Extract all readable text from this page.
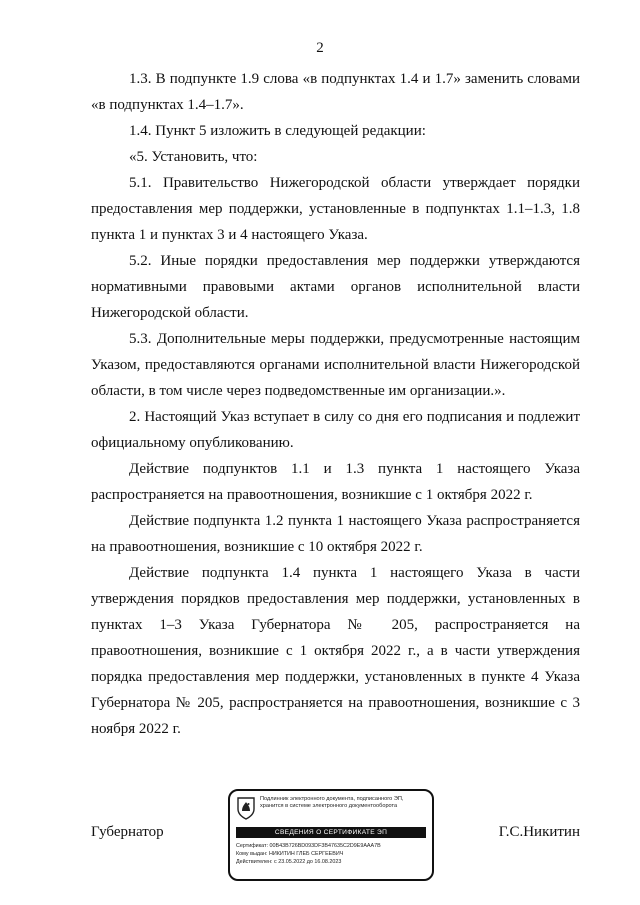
2

1.3. В подпункте 1.9 слова «в подпунктах 1.4 и 1.7» заменить словами «в подпунктах 1.4–1.7».

1.4. Пункт 5 изложить в следующей редакции:

«5. Установить, что:

5.1. Правительство Нижегородской области утверждает порядки предоставления мер поддержки, установленные в подпунктах 1.1–1.3, 1.8 пункта 1 и пунктах 3 и 4 настоящего Указа.

5.2. Иные порядки предоставления мер поддержки утверждаются нормативными правовыми актами органов исполнительной власти Нижегородской области.

5.3. Дополнительные меры поддержки, предусмотренные настоящим Указом, предоставляются органами исполнительной власти Нижегородской области, в том числе через подведомственные им организации.».

2. Настоящий Указ вступает в силу со дня его подписания и подлежит официальному опубликованию.

Действие подпунктов 1.1 и 1.3 пункта 1 настоящего Указа распространяется на правоотношения, возникшие с 1 октября 2022 г.

Действие подпункта 1.2 пункта 1 настоящего Указа распространяется на правоотношения, возникшие с 10 октября 2022 г.

Действие подпункта 1.4 пункта 1 настоящего Указа в части утверждения порядков предоставления мер поддержки, установленных в пунктах 1–3 Указа Губернатора № 205, распространяется на правоотношения, возникшие с 1 октября 2022 г., а в части утверждения порядка предоставления мер поддержки, установленных в пункте 4 Указа Губернатора № 205, распространяется на правоотношения, возникшие с 3 ноября 2022 г.

Губернатор
Подлинник электронного документа, подписанного ЭП,
хранится в системе электронного документооборота
СВЕДЕНИЯ О СЕРТИФИКАТЕ ЭП
Сертификат: 00B43B726BD093DF3B47635C2D9E9AAA7B
Кому выдан: НИКИТИН ГЛЕБ СЕРГЕЕВИЧ
Действителен: с 23.05.2022 до 16.08.2023
Г.С.Никитин
